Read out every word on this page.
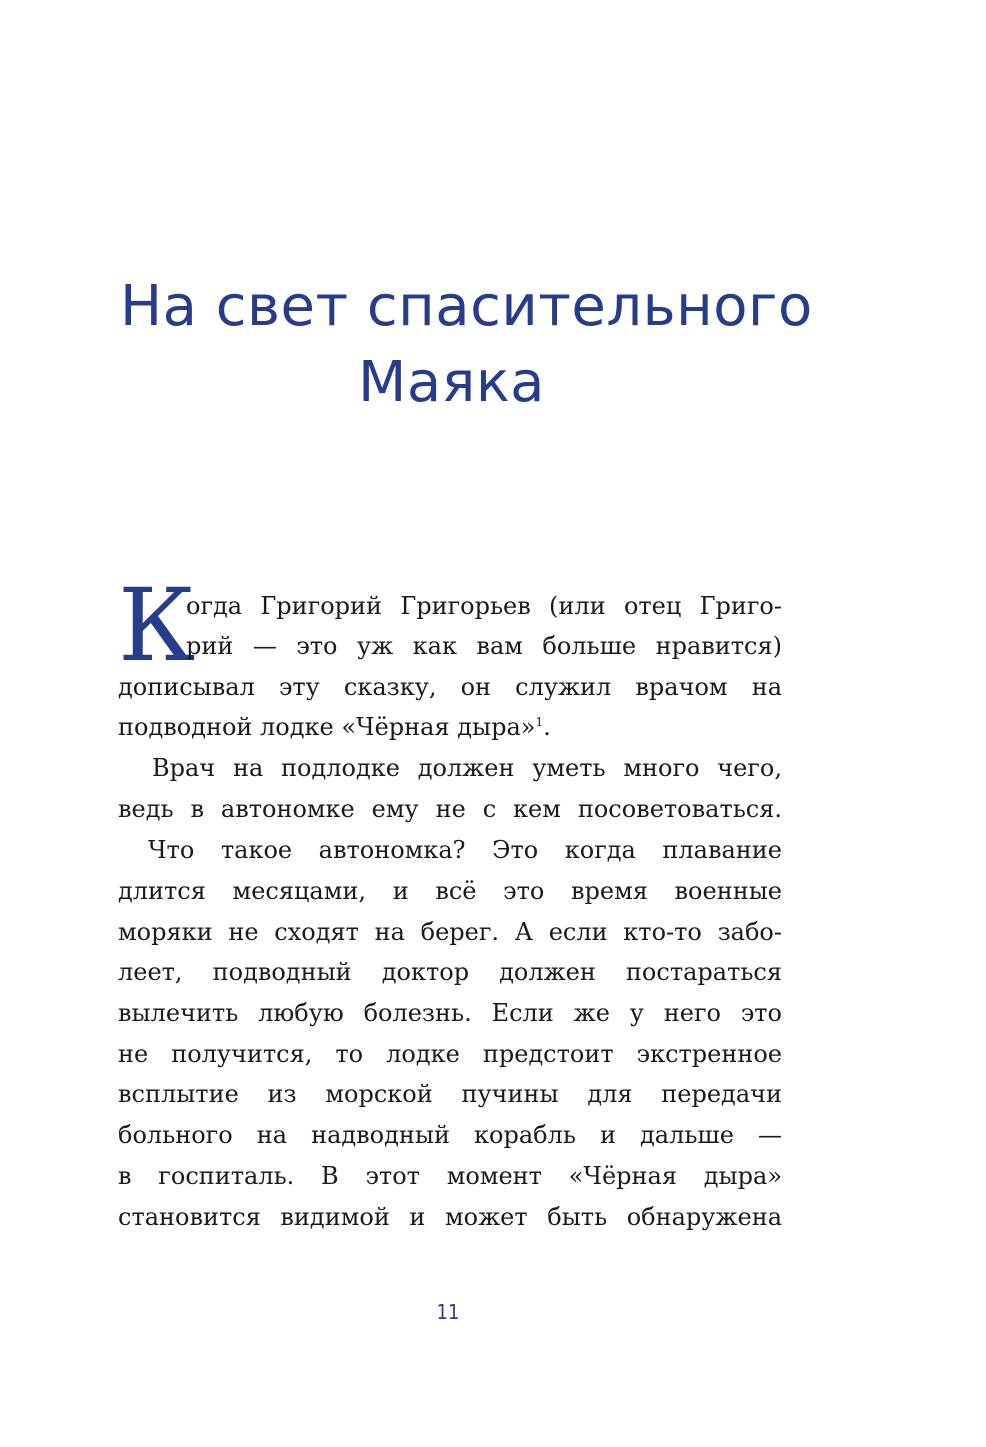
На свет спасительного
Маяка
К
огда Григорий Григорьев (или отец Григо-
рий — это уж как вам больше нравится)
дописывал эту сказку, он служил врачом на
подводной лодке «Чёрная дыра»$^1$.
Врач на подлодке должен уметь много чего,
ведь в автономке ему не с кем посоветоваться.
Что такое автономка? Это когда плавание
длится месяцами, и всё это время военные
моряки не сходят на берег. А если кто-то забо-
леет, подводный доктор должен постараться
вылечить любую болезнь. Если же у него это
не получится, то лодке предстоит экстренное
всплытие из морской пучины для передачи
больного на надводный корабль и дальше —
в госпиталь. В этот момент «Чёрная дыра»
становится видимой и может быть обнаружена
11
